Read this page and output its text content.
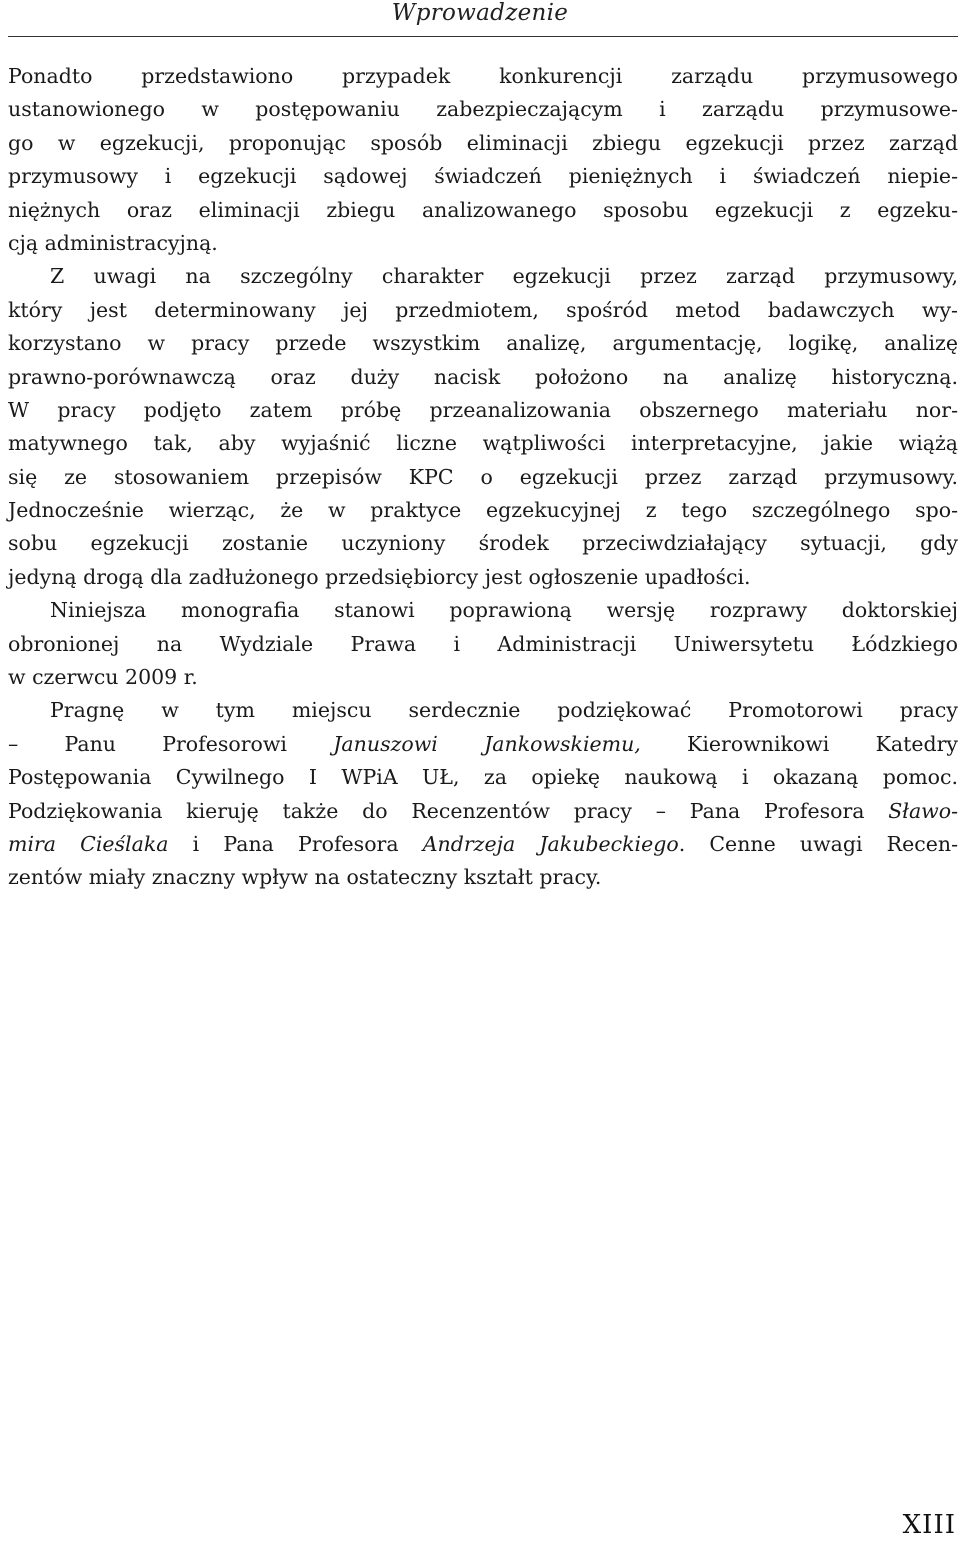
Wprowadzenie
Ponadto przedstawiono przypadek konkurencji zarządu przymusowego
ustanowionego w postępowaniu zabezpieczającym i zarządu przymusowe-
go w egzekucji, proponując sposób eliminacji zbiegu egzekucji przez zarząd
przymusowy i egzekucji sądowej świadczeń pieniężnych i świadczeń niepie-
niężnych oraz eliminacji zbiegu analizowanego sposobu egzekucji z egzeku-
cją administracyjną.
Z uwagi na szczególny charakter egzekucji przez zarząd przymusowy,
który jest determinowany jej przedmiotem, spośród metod badawczych wy-
korzystano w pracy przede wszystkim analizę, argumentację, logikę, analizę
prawno-porównawczą oraz duży nacisk położono na analizę historyczną.
W pracy podjęto zatem próbę przeanalizowania obszernego materiału nor-
matywnego tak, aby wyjaśnić liczne wątpliwości interpretacyjne, jakie wiążą
się ze stosowaniem przepisów KPC o egzekucji przez zarząd przymusowy.
Jednocześnie wierząc, że w praktyce egzekucyjnej z tego szczególnego spo-
sobu egzekucji zostanie uczyniony środek przeciwdziałający sytuacji, gdy
jedyną drogą dla zadłużonego przedsiębiorcy jest ogłoszenie upadłości.
Niniejsza monografia stanowi poprawioną wersję rozprawy doktorskiej
obronionej na Wydziale Prawa i Administracji Uniwersytetu Łódzkiego
w czerwcu 2009 r.
Pragnę w tym miejscu serdecznie podziękować Promotorowi pracy
– Panu Profesorowi Januszowi Jankowskiemu, Kierownikowi Katedry
Postępowania Cywilnego I WPiA UŁ, za opiekę naukową i okazaną pomoc.
Podziękowania kieruję także do Recenzentów pracy – Pana Profesora Sławo-
mira Cieślaka i Pana Profesora Andrzeja Jakubeckiego. Cenne uwagi Recen-
zentów miały znaczny wpływ na ostateczny kształt pracy.
XIII
